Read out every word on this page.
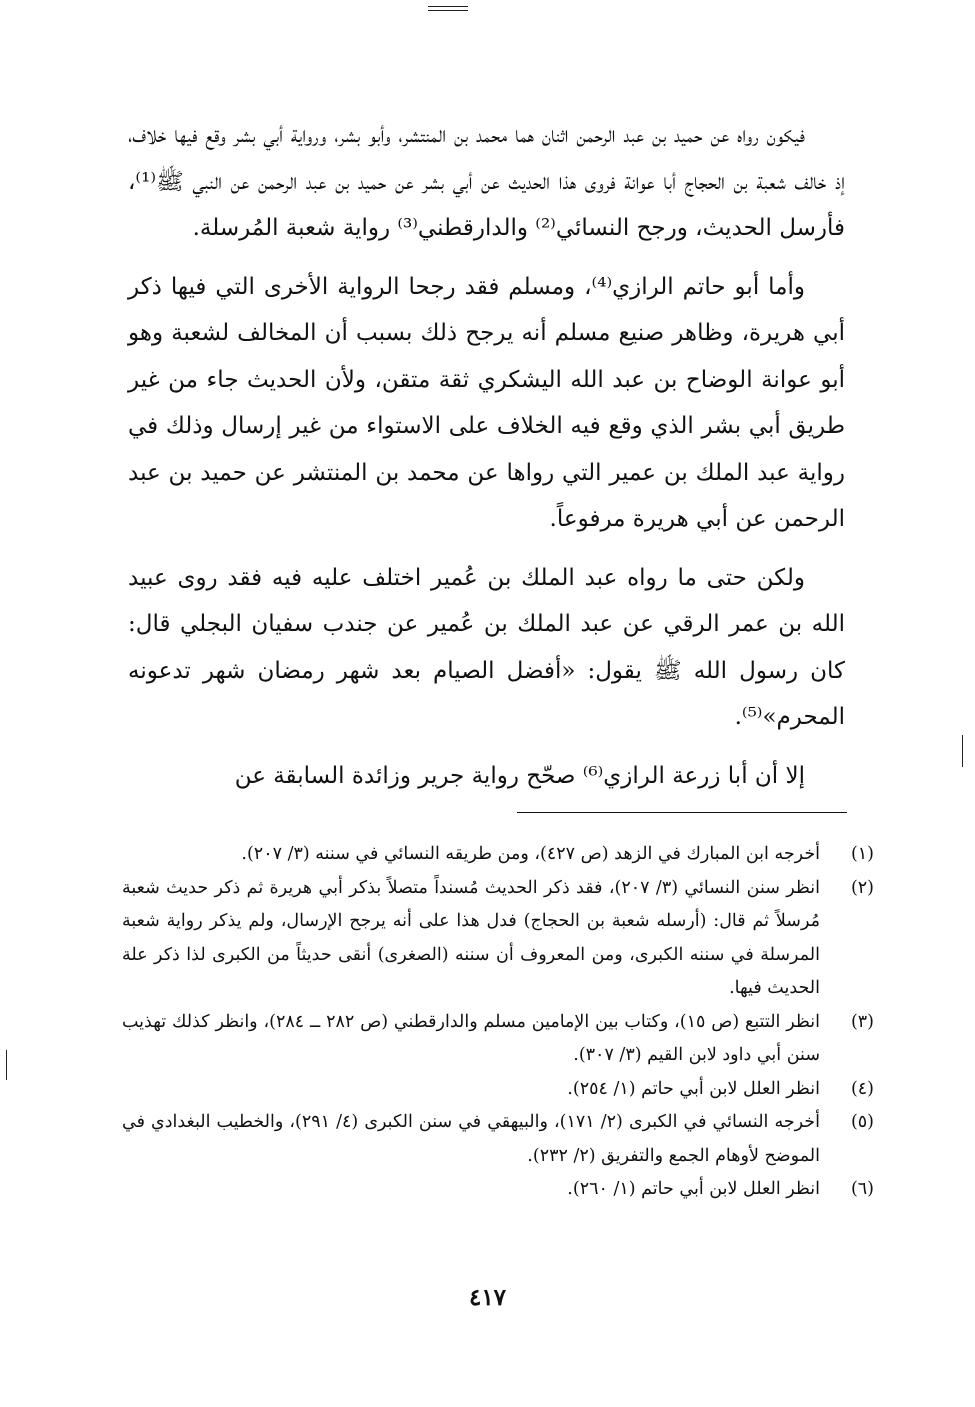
فيكون رواه عن حميد بن عبد الرحمن اثنان هما محمد بن المنتشر، وأبو بشر، ورواية أبي بشر وقع فيها خلاف، إذ خالف شعبة بن الحجاج أبا عوانة فروى هذا الحديث عن أبي بشر عن حميد بن عبد الرحمن عن النبي ﷺ⁽¹⁾، فأرسل الحديث، ورجح النسائي⁽²⁾ والدارقطني⁽³⁾ رواية شعبة المُرسلة.

وأما أبو حاتم الرازي⁽⁴⁾، ومسلم فقد رجحا الرواية الأخرى التي فيها ذكر أبي هريرة، وظاهر صنيع مسلم أنه يرجح ذلك بسبب أن المخالف لشعبة وهو أبو عوانة الوضاح بن عبد الله اليشكري ثقة متقن، ولأن الحديث جاء من غير طريق أبي بشر الذي وقع فيه الخلاف على الاستواء من غير إرسال وذلك في رواية عبد الملك بن عمير التي رواها عن محمد بن المنتشر عن حميد بن عبد الرحمن عن أبي هريرة مرفوعاً.

ولكن حتى ما رواه عبد الملك بن عُمير اختلف عليه فيه فقد روى عبيد الله بن عمر الرقي عن عبد الملك بن عُمير عن جندب سفيان البجلي قال: كان رسول الله ﷺ يقول: «أفضل الصيام بعد شهر رمضان شهر تدعونه المحرم»⁽⁵⁾.

إلا أن أبا زرعة الرازي⁽⁶⁾ صحّح رواية جرير وزائدة السابقة عن

(١)
أخرجه ابن المبارك في الزهد (ص ٤٢٧)، ومن طريقه النسائي في سننه (٣/ ٢٠٧).
(٢)
انظر سنن النسائي (٣/ ٢٠٧)، فقد ذكر الحديث مُسنداً متصلاً بذكر أبي هريرة ثم ذكر حديث شعبة مُرسلاً ثم قال: (أرسله شعبة بن الحجاج) فدل هذا على أنه يرجح الإرسال، ولم يذكر رواية شعبة المرسلة في سننه الكبرى، ومن المعروف أن سننه (الصغرى) أنقى حديثاً من الكبرى لذا ذكر علة الحديث فيها.
(٣)
انظر التتبع (ص ١٥)، وكتاب بين الإمامين مسلم والدارقطني (ص ٢٨٢ ــ ٢٨٤)، وانظر كذلك تهذيب سنن أبي داود لابن القيم (٣/ ٣٠٧).
(٤)
انظر العلل لابن أبي حاتم (١/ ٢٥٤).
(٥)
أخرجه النسائي في الكبرى (٢/ ١٧١)، والبيهقي في سنن الكبرى (٤/ ٢٩١)، والخطيب البغدادي في الموضح لأوهام الجمع والتفريق (٢/ ٢٣٢).
(٦)
انظر العلل لابن أبي حاتم (١/ ٢٦٠).
٤١٧
